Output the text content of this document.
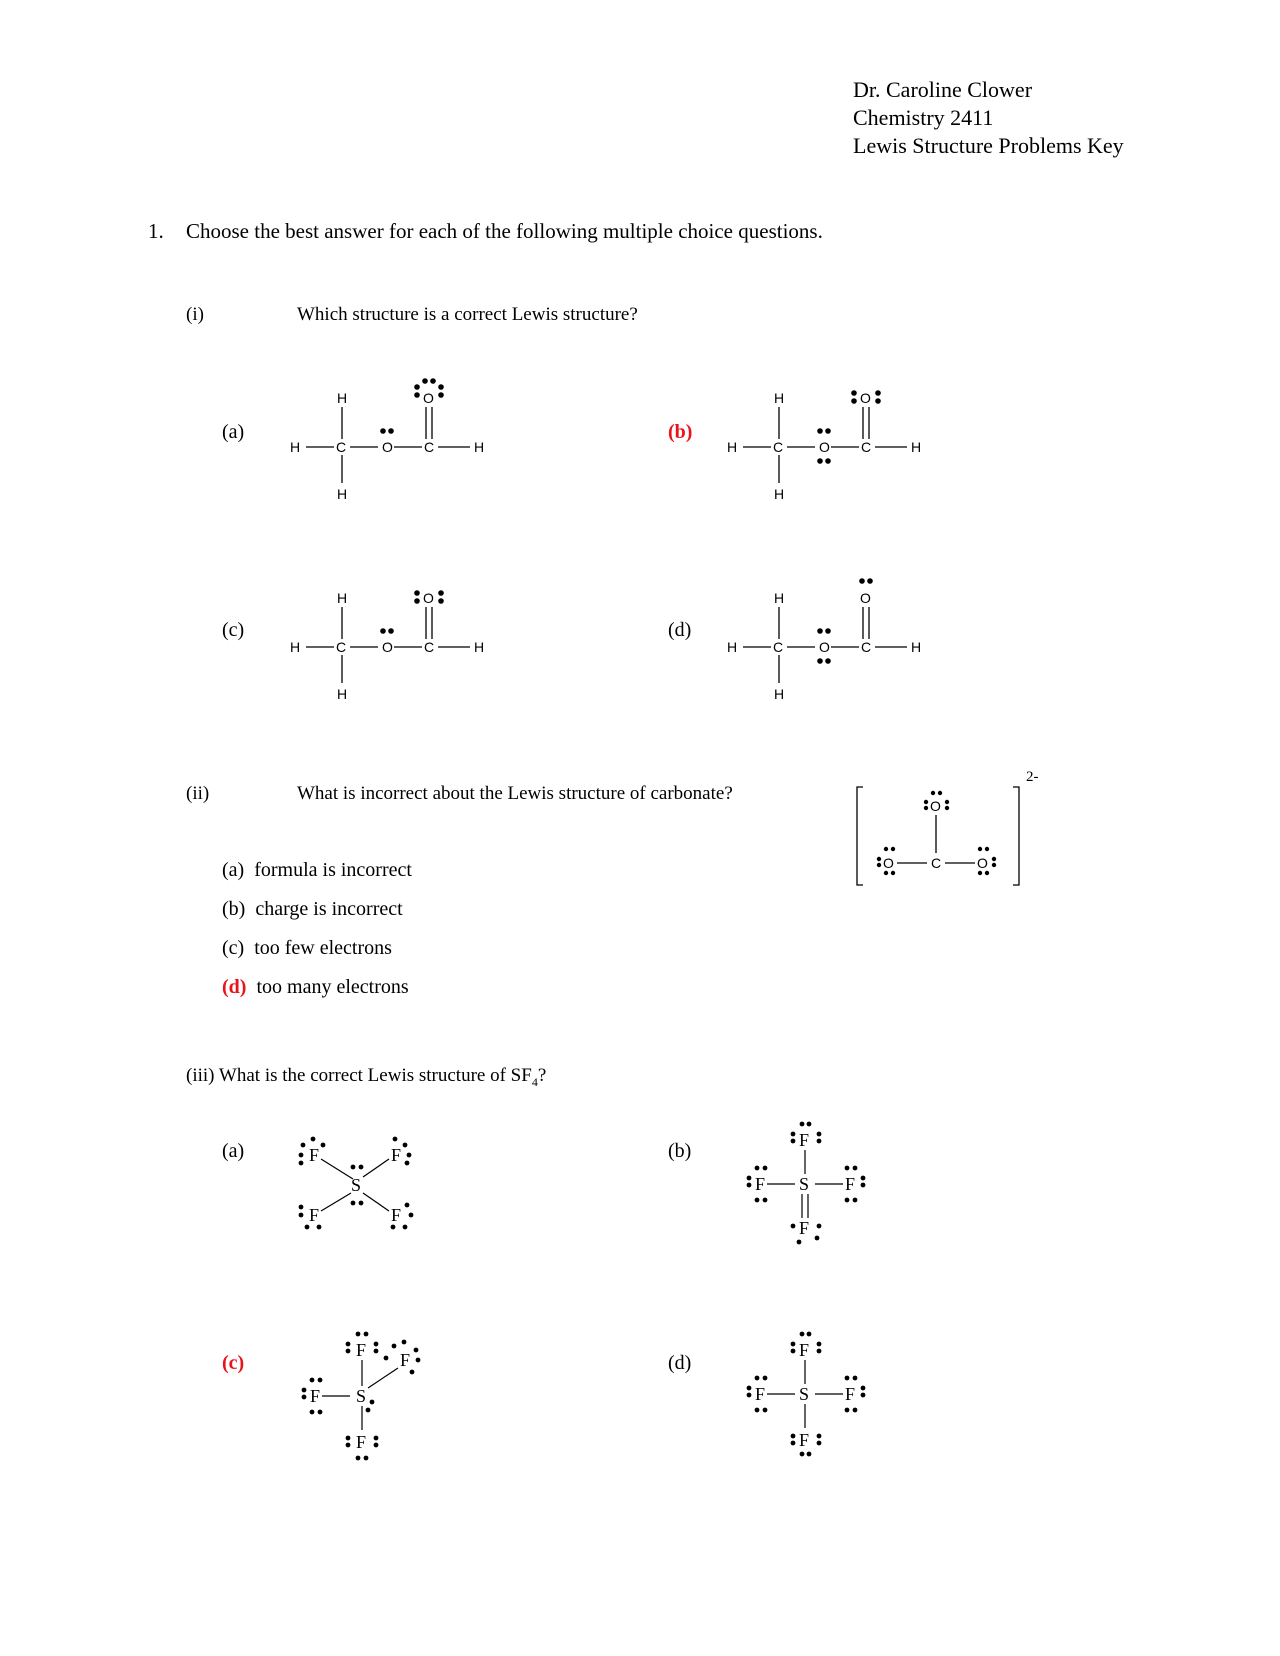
Dr. Caroline Clower
Chemistry 2411
Lewis Structure Problems Key
1. Choose the best answer for each of the following multiple choice questions.
(i)	Which structure is a correct Lewis structure?
(a)	(b)
(c)	(d)
H	C	O C	H
H
H
O
H	C	O C	H
H
H
O
H	C	O C	H
H
H
O
H	C	O C	H
H
H
O
(ii)	What is incorrect about the Lewis structure of carbonate?
O
O	C	O
2-
(a) formula is incorrect
(b) charge is incorrect
(c) too few electrons
(d) too many electrons
(iii) What is the correct Lewis structure of $SF_4$?
(a)	(b)
(c)	(d)
F	F
S
F	F
F
F S F
F
F F
F S
F
F
F S F
F
